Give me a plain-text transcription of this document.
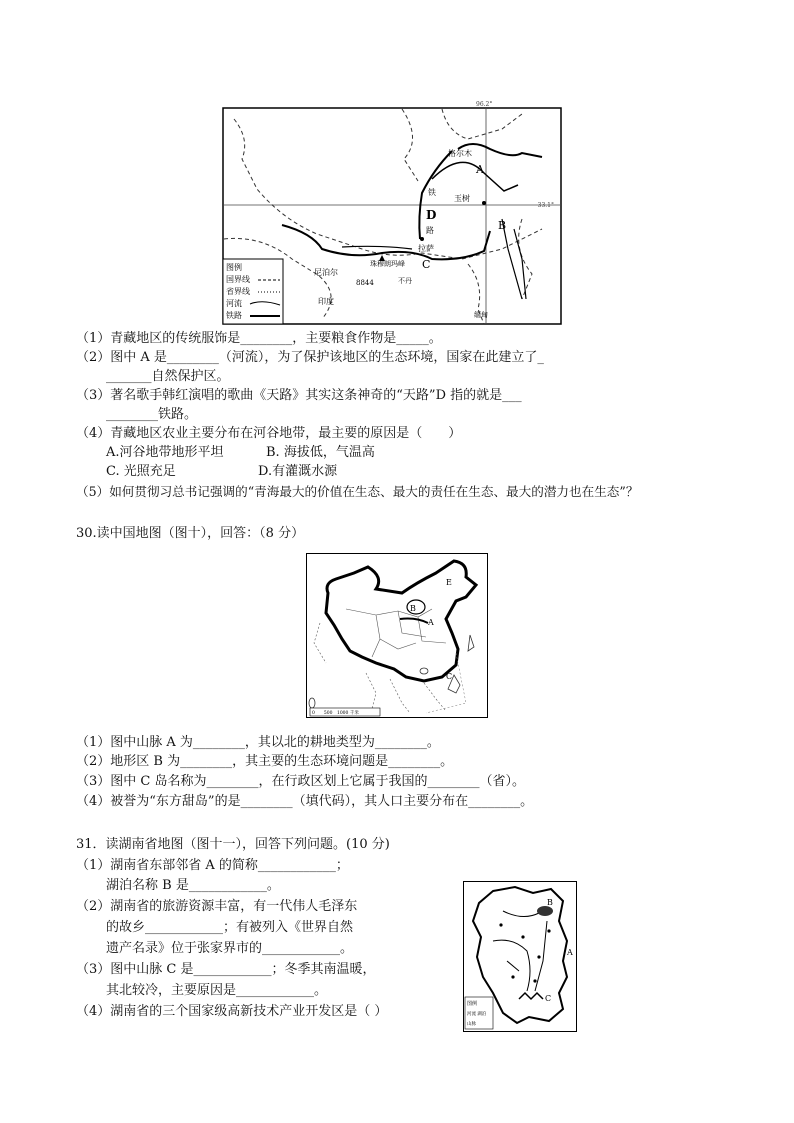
96.2°
33.1°
格尔木
A
铁
玉树
D
路	B
拉萨
C
珠穆朗玛峰
尼泊尔
8844	不丹
印度
缅甸
图例
国界线
省界线
河流
铁路
（1）青藏地区的传统服饰是________，主要粮食作物是_____。
（2）图中 A 是________（河流），为了保护该地区的生态环境，国家在此建立了_
_______自然保护区。
（3）著名歌手韩红演唱的歌曲《天路》其实这条神奇的“天路”D 指的就是___
________铁路。
（4）青藏地区农业主要分布在河谷地带，最主要的原因是（　　）
A.河谷地带地形平坦	B. 海拔低，气温高
C. 光照充足	D.有灌溉水源
（5）如何贯彻习总书记强调的“青海最大的价值在生态、最大的责任在生态、最大的潜力也在生态”？
30.读中国地图（图十），回答：（8 分）
E
B
A
C
0　　500　1000 千米
（1）图中山脉 A 为________，其以北的耕地类型为________。
（2）地形区 B 为________，其主要的生态环境问题是________。
（3）图中 C 岛名称为________，在行政区划上它属于我国的________（省）。
（4）被誉为“东方甜岛”的是________（填代码），其人口主要分布在________。
31．读湖南省地图（图十一），回答下列问题。(10 分)
（1）湖南省东部邻省 A 的简称____________；
湖泊名称 B 是____________。
（2）湖南省的旅游资源丰富，有一代伟人毛泽东
的故乡____________；有被列入《世界自然
遗产名录》位于张家界市的____________。
（3）图中山脉 C 是____________；冬季其南温暖，
其北较冷，主要原因是____________。
（4）湖南省的三个国家级高新技术产业开发区是（ ）
B
A
C
图例
河流 湖泊
山脉
